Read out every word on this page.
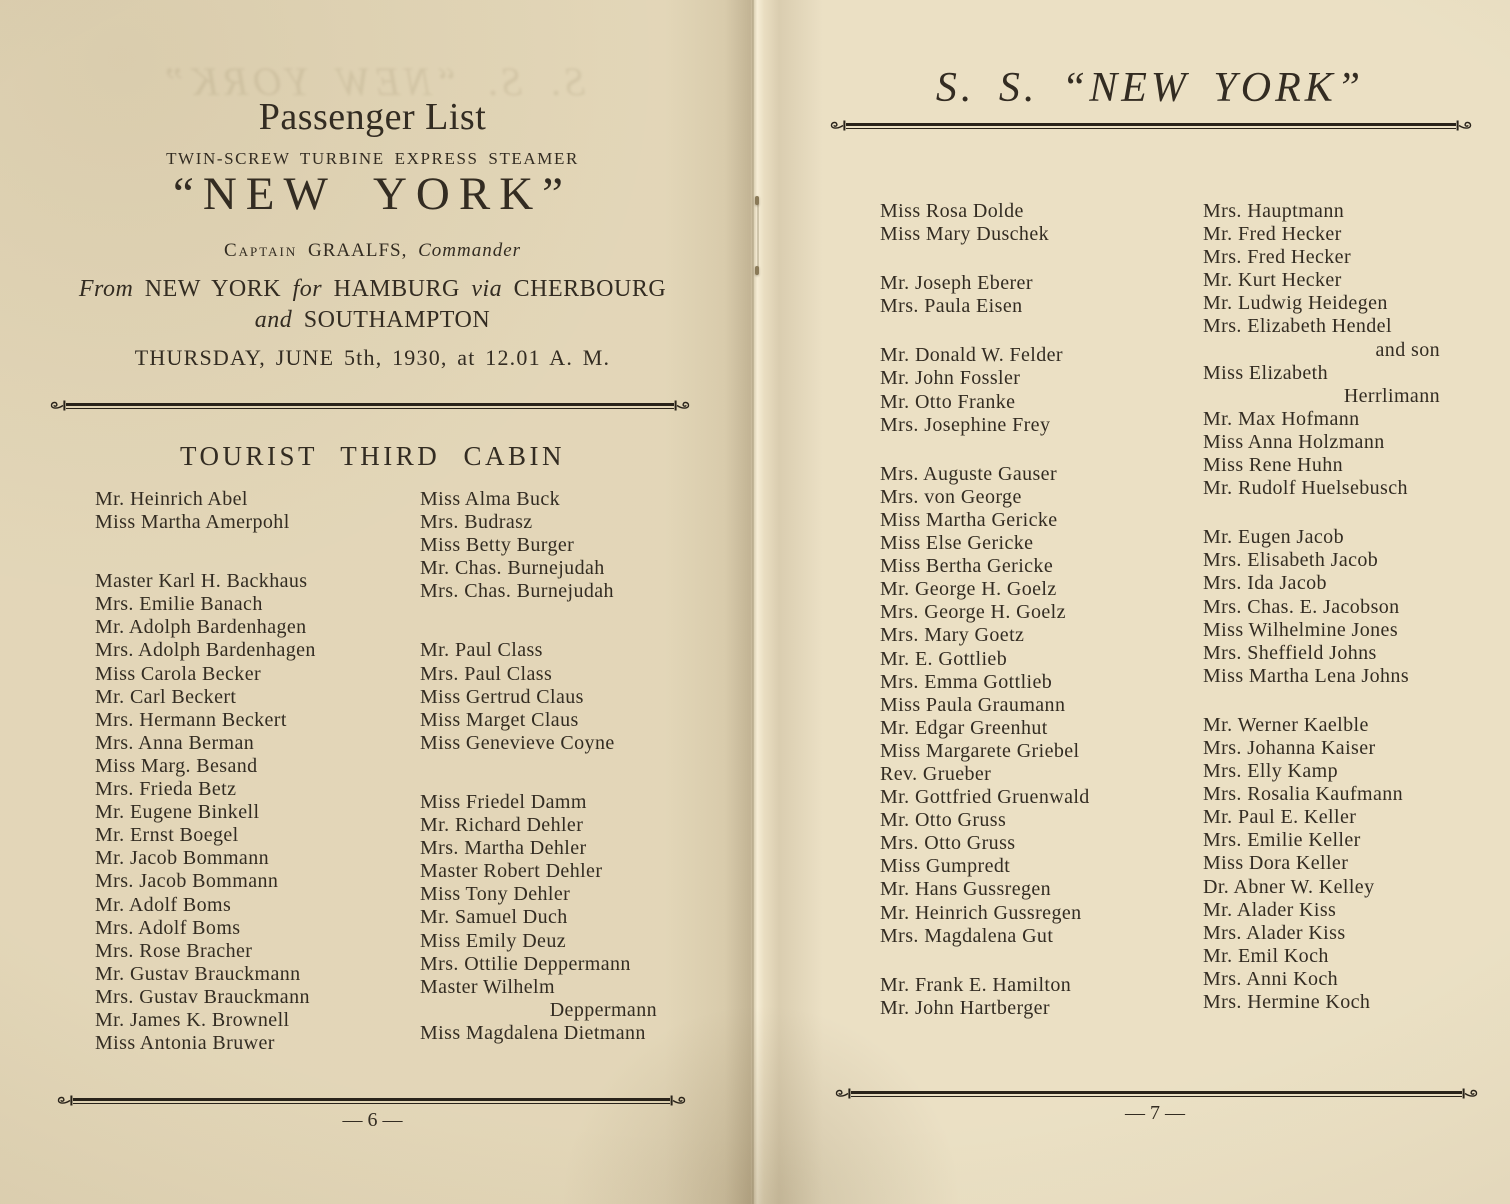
S. S. “NEW YORK”
Passenger List
TWIN-SCREW TURBINE EXPRESS STEAMER
“NEW YORK”
Captain GRAALFS, Commander
From NEW YORK for HAMBURG via CHERBOURG
and SOUTHAMPTON
THURSDAY, JUNE 5th, 1930, at 12.01 A. M.
TOURIST THIRD CABIN
Mr. Heinrich Abel
Miss Martha Amerpohl
Master Karl H. Backhaus
Mrs. Emilie Banach
Mr. Adolph Bardenhagen
Mrs. Adolph Bardenhagen
Miss Carola Becker
Mr. Carl Beckert
Mrs. Hermann Beckert
Mrs. Anna Berman
Miss Marg. Besand
Mrs. Frieda Betz
Mr. Eugene Binkell
Mr. Ernst Boegel
Mr. Jacob Bommann
Mrs. Jacob Bommann
Mr. Adolf Boms
Mrs. Adolf Boms
Mrs. Rose Bracher
Mr. Gustav Brauckmann
Mrs. Gustav Brauckmann
Mr. James K. Brownell
Miss Antonia Bruwer
Miss Alma Buck
Mrs. Budrasz
Miss Betty Burger
Mr. Chas. Burnejudah
Mrs. Chas. Burnejudah
Mr. Paul Class
Mrs. Paul Class
Miss Gertrud Claus
Miss Marget Claus
Miss Genevieve Coyne
Miss Friedel Damm
Mr. Richard Dehler
Mrs. Martha Dehler
Master Robert Dehler
Miss Tony Dehler
Mr. Samuel Duch
Miss Emily Deuz
Mrs. Ottilie Deppermann
Master Wilhelm
Deppermann
Miss Magdalena Dietmann
— 6 —
S. S. “NEW YORK”
Miss Rosa Dolde
Miss Mary Duschek
Mr. Joseph Eberer
Mrs. Paula Eisen
Mr. Donald W. Felder
Mr. John Fossler
Mr. Otto Franke
Mrs. Josephine Frey
Mrs. Auguste Gauser
Mrs. von George
Miss Martha Gericke
Miss Else Gericke
Miss Bertha Gericke
Mr. George H. Goelz
Mrs. George H. Goelz
Mrs. Mary Goetz
Mr. E. Gottlieb
Mrs. Emma Gottlieb
Miss Paula Graumann
Mr. Edgar Greenhut
Miss Margarete Griebel
Rev. Grueber
Mr. Gottfried Gruenwald
Mr. Otto Gruss
Mrs. Otto Gruss
Miss Gumpredt
Mr. Hans Gussregen
Mr. Heinrich Gussregen
Mrs. Magdalena Gut
Mr. Frank E. Hamilton
Mr. John Hartberger
Mrs. Hauptmann
Mr. Fred Hecker
Mrs. Fred Hecker
Mr. Kurt Hecker
Mr. Ludwig Heidegen
Mrs. Elizabeth Hendel
and son
Miss Elizabeth
Herrlimann
Mr. Max Hofmann
Miss Anna Holzmann
Miss Rene Huhn
Mr. Rudolf Huelsebusch
Mr. Eugen Jacob
Mrs. Elisabeth Jacob
Mrs. Ida Jacob
Mrs. Chas. E. Jacobson
Miss Wilhelmine Jones
Mrs. Sheffield Johns
Miss Martha Lena Johns
Mr. Werner Kaelble
Mrs. Johanna Kaiser
Mrs. Elly Kamp
Mrs. Rosalia Kaufmann
Mr. Paul E. Keller
Mrs. Emilie Keller
Miss Dora Keller
Dr. Abner W. Kelley
Mr. Alader Kiss
Mrs. Alader Kiss
Mr. Emil Koch
Mrs. Anni Koch
Mrs. Hermine Koch
— 7 —
